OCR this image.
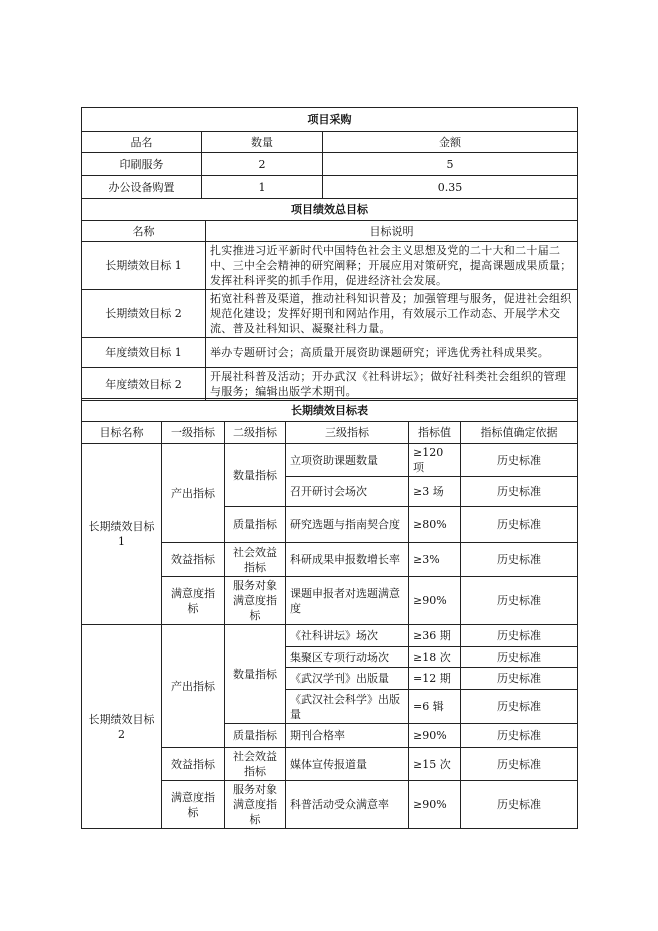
项目采购		
品名	数量	金额
印刷服务	2	5
办公设备购置	1	0.35
项目绩效总目标	
名称	目标说明
长期绩效目标 1	扎实推进习近平新时代中国特色社会主义思想及党的二十大和二十届二中、三中全会精神的研究阐释；开展应用对策研究，提高课题成果质量；发挥社科评奖的抓手作用，促进经济社会发展。
长期绩效目标 2	拓宽社科普及渠道，推动社科知识普及；加强管理与服务，促进社会组织规范化建设；发挥好期刊和网站作用，有效展示工作动态、开展学术交流、普及社科知识、凝聚社科力量。
年度绩效目标 1	举办专题研讨会；高质量开展资助课题研究；评选优秀社科成果奖。
年度绩效目标 2	开展社科普及活动；开办武汉《社科讲坛》；做好社科类社会组织的管理与服务；编辑出版学术期刊。
长期绩效目标表					
目标名称	一级指标	二级指标	三级指标	指标值	指标值确定依据
长期绩效目标
1	产出指标	数量指标	立项资助课题数量	≥120 项	历史标准
			召开研讨会场次	≥3 场	历史标准
		质量指标	研究选题与指南契合度	≥80%	历史标准
	效益指标	社会效益指标	科研成果申报数增长率	≥3%	历史标准
	满意度指标	服务对象满意度指标	课题申报者对选题满意度	≥90%	历史标准
长期绩效目标
2	产出指标	数量指标	《社科讲坛》场次	≥36 期	历史标准
			集聚区专项行动场次	≥18 次	历史标准
			《武汉学刊》出版量	=12 期	历史标准
			《武汉社会科学》出版量	=6 辑	历史标准
		质量指标	期刊合格率	≥90%	历史标准
	效益指标	社会效益指标	媒体宣传报道量	≥15 次	历史标准
	满意度指标	服务对象满意度指标	科普活动受众满意率	≥90%	历史标准
